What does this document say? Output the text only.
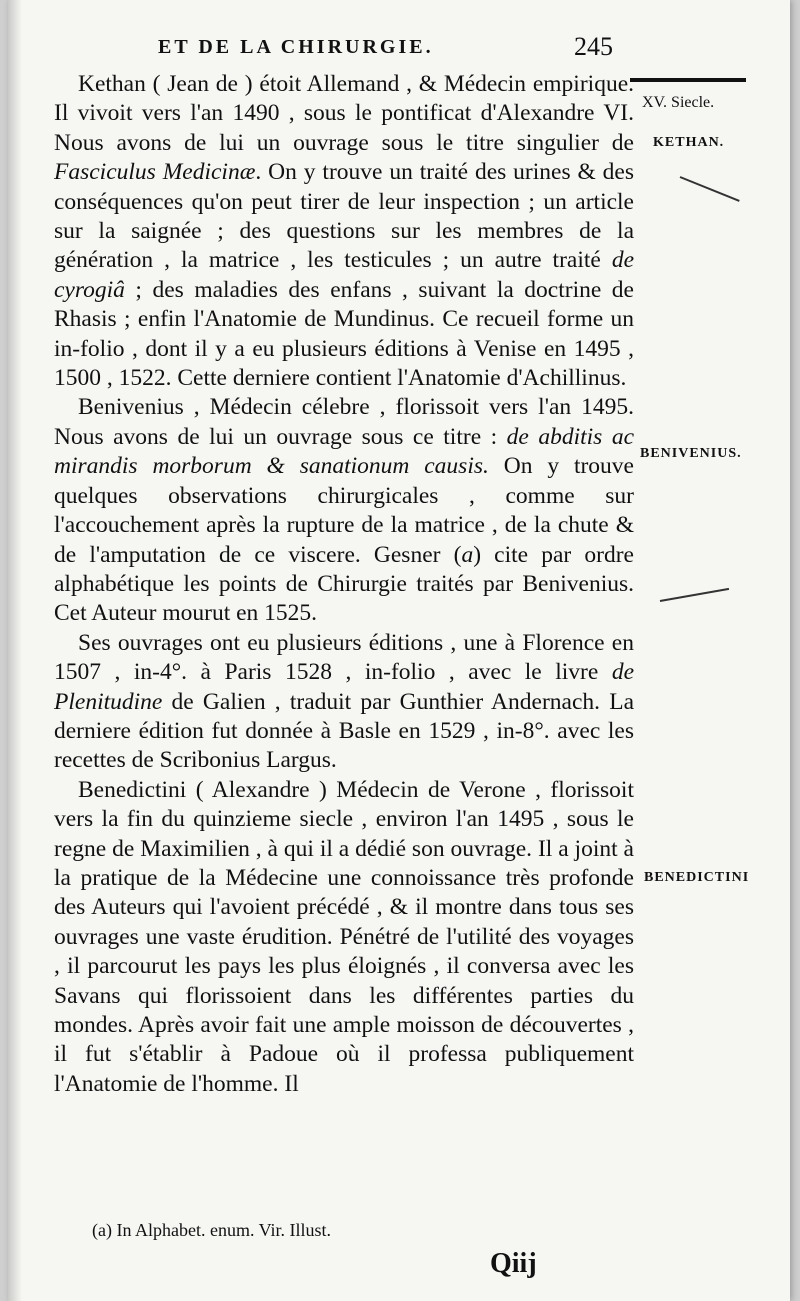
ET DE LA CHIRURGIE.	245
XV. Siecle.
KETHAN.
BENIVENIUS.
BENEDICTINI

Kethan ( Jean de ) étoit Allemand , & Médecin empirique. Il vivoit vers l'an 1490 , sous le pontificat d'Alexandre VI. Nous avons de lui un ouvrage sous le titre singulier de Fasciculus Medicinæ. On y trouve un traité des urines & des conséquences qu'on peut tirer de leur inspection ; un article sur la saignée ; des questions sur les membres de la génération , la matrice , les testicules ; un autre traité de cyrogiâ ; des maladies des enfans , suivant la doctrine de Rhasis ; enfin l'Anatomie de Mundinus. Ce recueil forme un in-folio , dont il y a eu plusieurs éditions à Venise en 1495 , 1500 , 1522. Cette derniere contient l'Anatomie d'Achillinus.

Benivenius , Médecin célebre , florissoit vers l'an 1495. Nous avons de lui un ouvrage sous ce titre : de abditis ac mirandis morborum & sanationum causis. On y trouve quelques observations chirurgicales , comme sur l'accouchement après la rupture de la matrice , de la chute & de l'amputation de ce viscere. Gesner (a) cite par ordre alphabétique les points de Chirurgie traités par Benivenius. Cet Auteur mourut en 1525.

Ses ouvrages ont eu plusieurs éditions , une à Florence en 1507 , in-4°. à Paris 1528 , in-folio , avec le livre de Plenitudine de Galien , traduit par Gunthier Andernach. La derniere édition fut donnée à Basle en 1529 , in-8°. avec les recettes de Scribonius Largus.

Benedictini ( Alexandre ) Médecin de Verone , florissoit vers la fin du quinzieme siecle , environ l'an 1495 , sous le regne de Maximilien , à qui il a dédié son ouvrage. Il a joint à la pratique de la Médecine une connoissance très profonde des Auteurs qui l'avoient précédé , & il montre dans tous ses ouvrages une vaste érudition. Pénétré de l'utilité des voyages , il parcourut les pays les plus éloignés , il conversa avec les Savans qui florissoient dans les différentes parties du mondes. Après avoir fait une ample moisson de découvertes , il fut s'établir à Padoue où il professa publiquement l'Anatomie de l'homme. Il

(a) In Alphabet. enum. Vir. Illust.
Qiij
